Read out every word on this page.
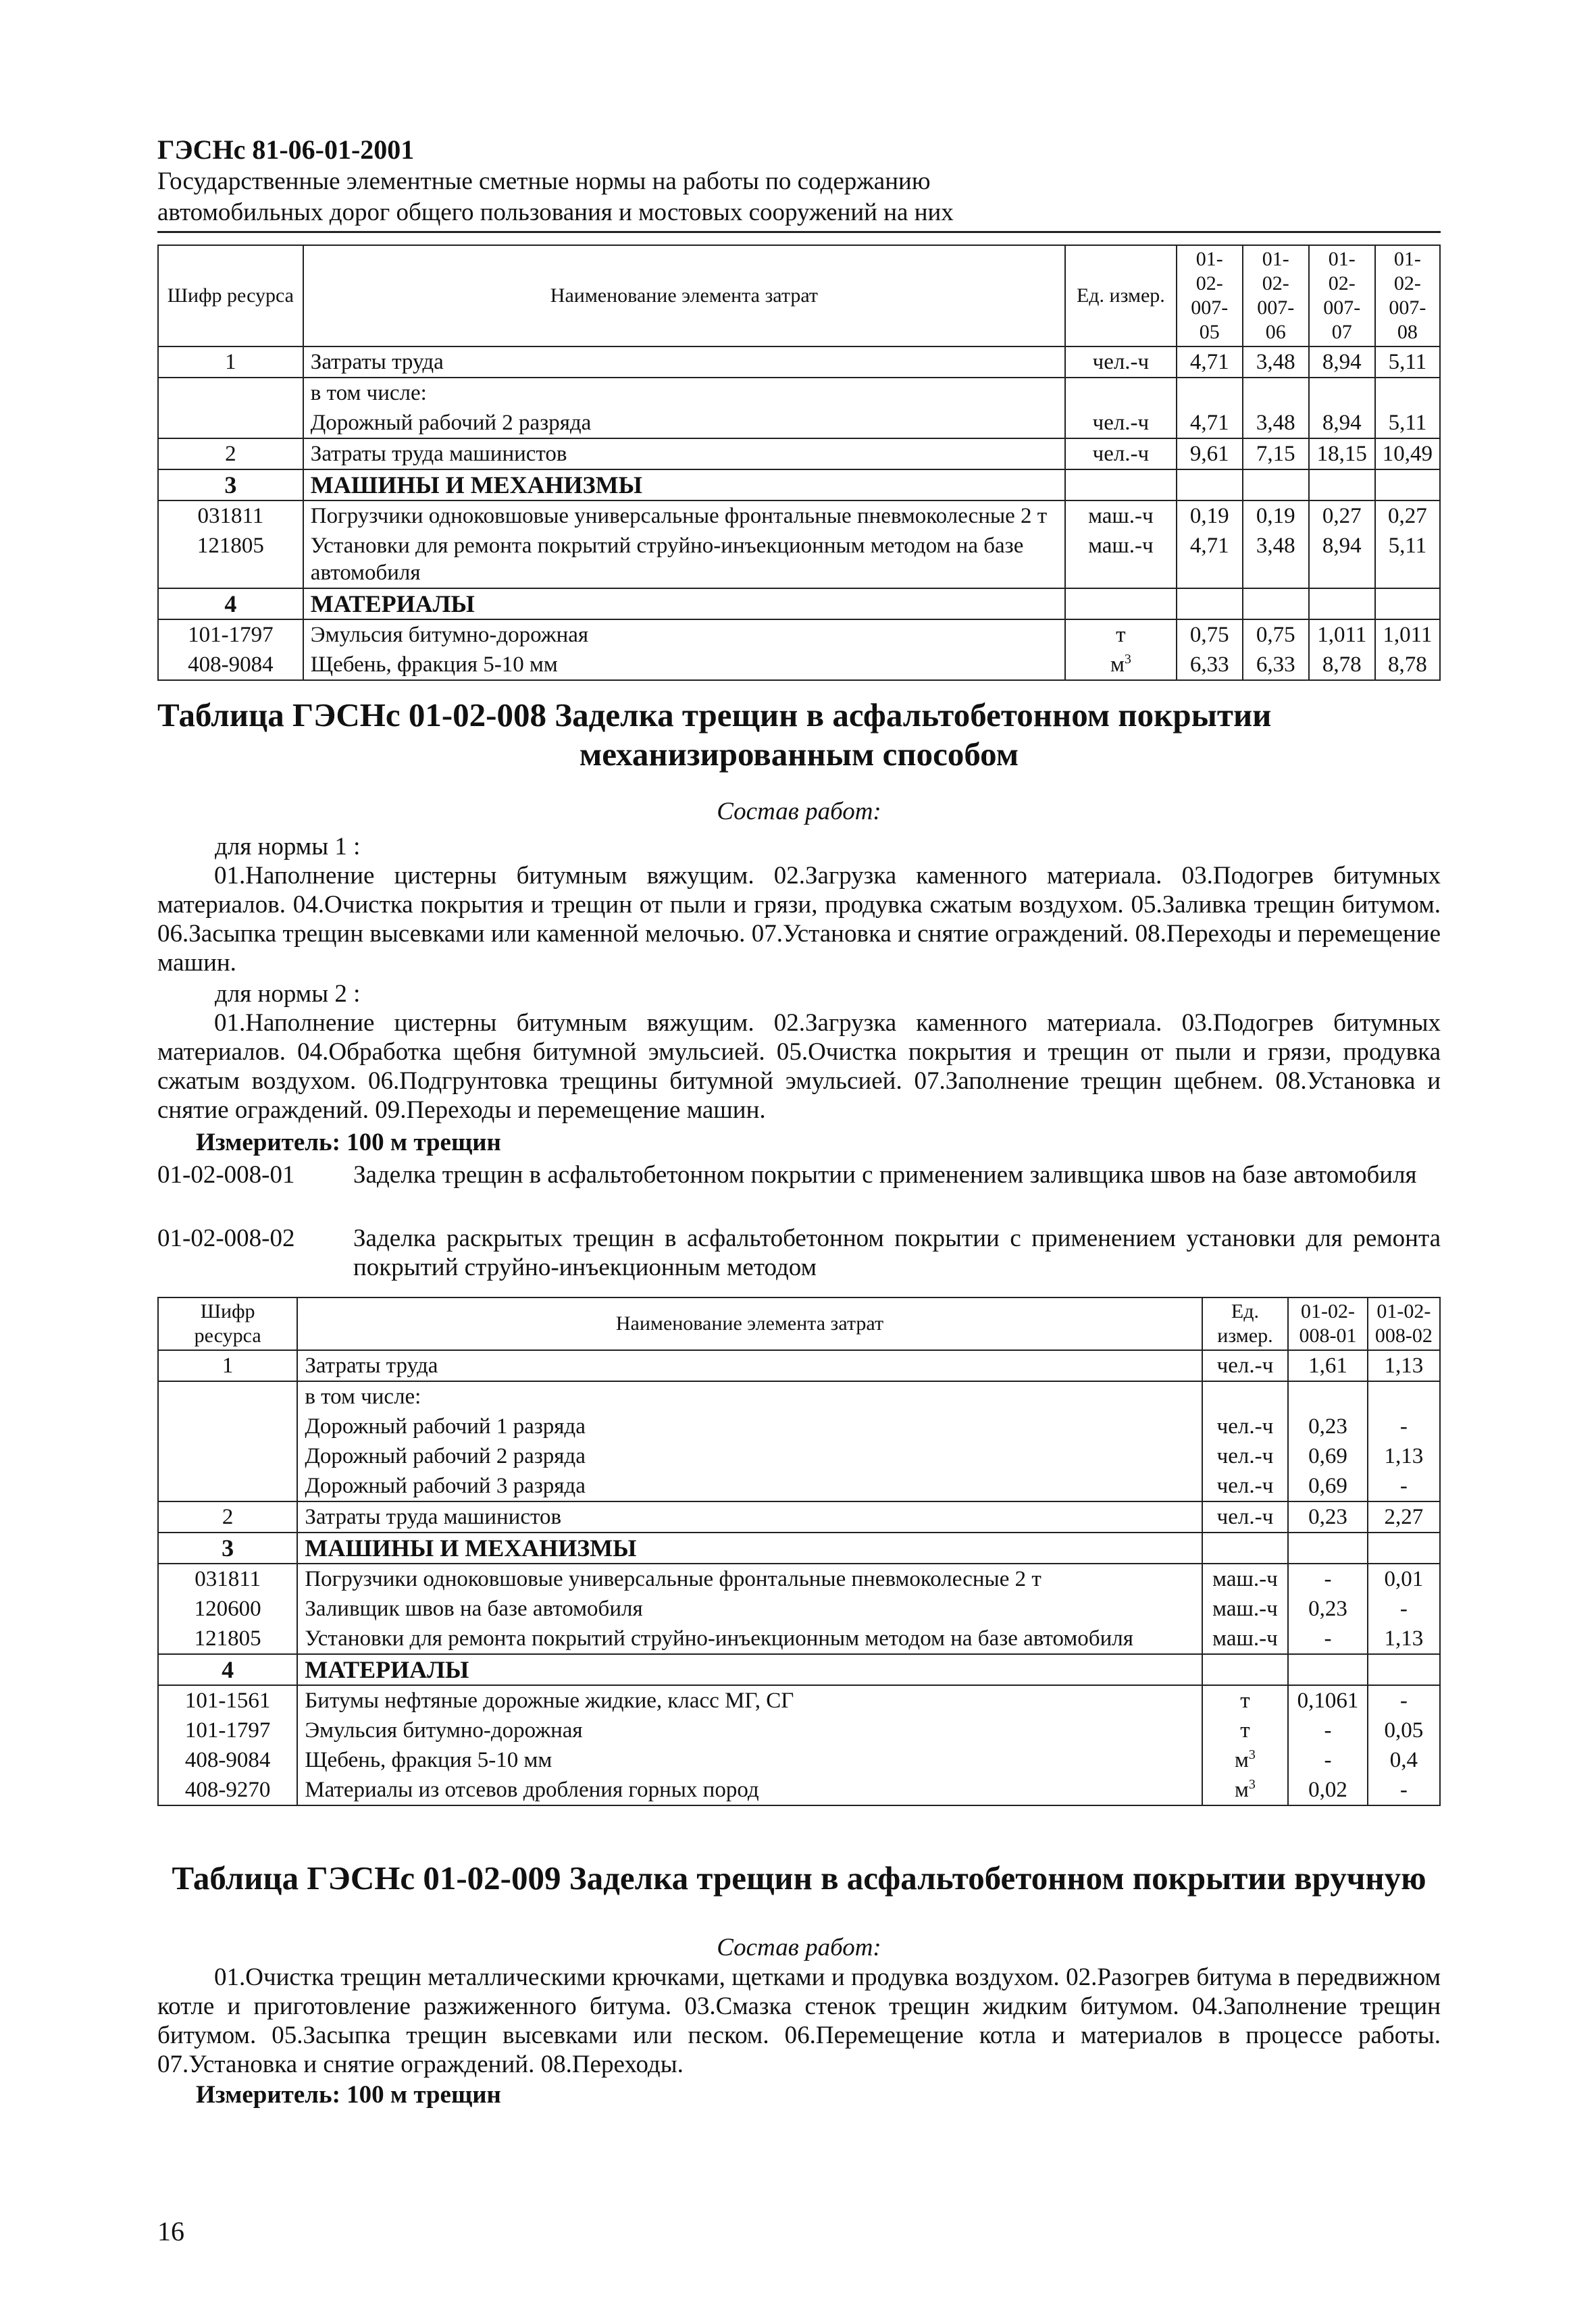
ГЭСНс 81-06-01-2001
Государственные элементные сметные нормы на работы по содержанию
автомобильных дорог общего пользования и мостовых сооружений на них
Шифр ресурса	Наименование элемента затрат	Ед. измер.	01-02-007-05	01-02-007-06	01-02-007-07	01-02-007-08
1	Затраты труда	чел.-ч	4,71	3,48	8,94	5,11
	в том числе:					
	Дорожный рабочий 2 разряда	чел.-ч	4,71	3,48	8,94	5,11
2	Затраты труда машинистов	чел.-ч	9,61	7,15	18,15	10,49
3	МАШИНЫ И МЕХАНИЗМЫ					
031811	Погрузчики одноковшовые универсальные фронтальные пневмоколесные 2 т	маш.-ч	0,19	0,19	0,27	0,27
121805	Установки для ремонта покрытий струйно-инъекционным методом на базе автомобиля	маш.-ч	4,71	3,48	8,94	5,11
4	МАТЕРИАЛЫ					
101-1797	Эмульсия битумно-дорожная	т	0,75	0,75	1,011	1,011
408-9084	Щебень, фракция 5-10 мм	$м^3$	6,33	6,33	8,78	8,78
Таблица ГЭСНс 01-02-008 Заделка трещин в асфальтобетонном покрытии
механизированным способом
Состав работ:
для нормы 1 :
01.Наполнение цистерны битумным вяжущим. 02.Загрузка каменного материала. 03.Подогрев битумных материалов. 04.Очистка покрытия и трещин от пыли и грязи, продувка сжатым воздухом. 05.Заливка трещин битумом. 06.Засыпка трещин высевками или каменной мелочью. 07.Установка и снятие ограждений. 08.Переходы и перемещение машин.
для нормы 2 :
01.Наполнение цистерны битумным вяжущим. 02.Загрузка каменного материала. 03.Подогрев битумных материалов. 04.Обработка щебня битумной эмульсией. 05.Очистка покрытия и трещин от пыли и грязи, продувка сжатым воздухом. 06.Подгрунтовка трещины битумной эмульсией. 07.Заполнение трещин щебнем. 08.Установка и снятие ограждений. 09.Переходы и перемещение машин.
Измеритель: 100 м трещин
01-02-008-01	Заделка трещин в асфальтобетонном покрытии с применением заливщика швов на базе автомобиля
01-02-008-02	Заделка раскрытых трещин в асфальтобетонном покрытии с применением установки для ремонта покрытий струйно-инъекционным методом
Шифр ресурса	Наименование элемента затрат	Ед. измер.	01-02-008-01	01-02-008-02
1	Затраты труда	чел.-ч	1,61	1,13
	в том числе:			
	Дорожный рабочий 1 разряда	чел.-ч	0,23	-
	Дорожный рабочий 2 разряда	чел.-ч	0,69	1,13
	Дорожный рабочий 3 разряда	чел.-ч	0,69	-
2	Затраты труда машинистов	чел.-ч	0,23	2,27
3	МАШИНЫ И МЕХАНИЗМЫ			
031811	Погрузчики одноковшовые универсальные фронтальные пневмоколесные 2 т	маш.-ч	-	0,01
120600	Заливщик швов на базе автомобиля	маш.-ч	0,23	-
121805	Установки для ремонта покрытий струйно-инъекционным методом на базе автомобиля	маш.-ч	-	1,13
4	МАТЕРИАЛЫ			
101-1561	Битумы нефтяные дорожные жидкие, класс МГ, СГ	т	0,1061	-
101-1797	Эмульсия битумно-дорожная	т	-	0,05
408-9084	Щебень, фракция 5-10 мм	$м^3$	-	0,4
408-9270	Материалы из отсевов дробления горных пород	$м^3$	0,02	-
Таблица ГЭСНс 01-02-009 Заделка трещин в асфальтобетонном покрытии вручную
Состав работ:
01.Очистка трещин металлическими крючками, щетками и продувка воздухом. 02.Разогрев битума в передвижном котле и приготовление разжиженного битума. 03.Смазка стенок трещин жидким битумом. 04.Заполнение трещин битумом. 05.Засыпка трещин высевками или песком. 06.Перемещение котла и материалов в процессе работы. 07.Установка и снятие ограждений. 08.Переходы.
Измеритель: 100 м трещин
16
